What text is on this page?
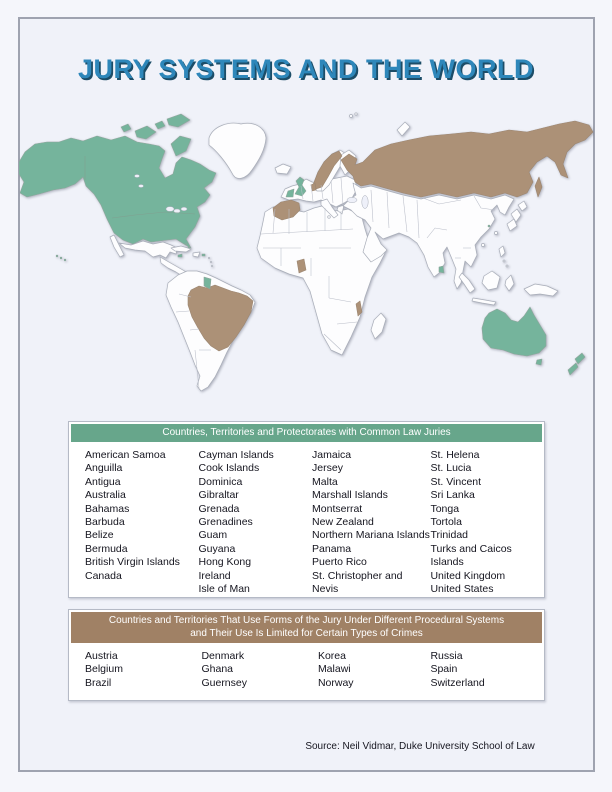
JURY SYSTEMS AND THE WORLD
Countries, Territories and Protectorates with Common Law Juries
American Samoa
Anguilla
Antigua
Australia
Bahamas
Barbuda
Belize
Bermuda
British Virgin Islands
Canada
Cayman Islands
Cook Islands
Dominica
Gibraltar
Grenada
Grenadines
Guam
Guyana
Hong Kong
Ireland
Isle of Man
Jamaica
Jersey
Malta
Marshall Islands
Montserrat
New Zealand
Northern Mariana Islands
Panama
Puerto Rico
St. Christopher and Nevis
St. Helena
St. Lucia
St. Vincent
Sri Lanka
Tonga
Tortola
Trinidad
Turks and Caicos Islands
United Kingdom
United States
Countries and Territories That Use Forms of the Jury Under Different Procedural Systems
and Their Use Is Limited for Certain Types of Crimes
Austria
Belgium
Brazil
Denmark
Ghana
Guernsey
Korea
Malawi
Norway
Russia
Spain
Switzerland
Source: Neil Vidmar, Duke University School of Law
